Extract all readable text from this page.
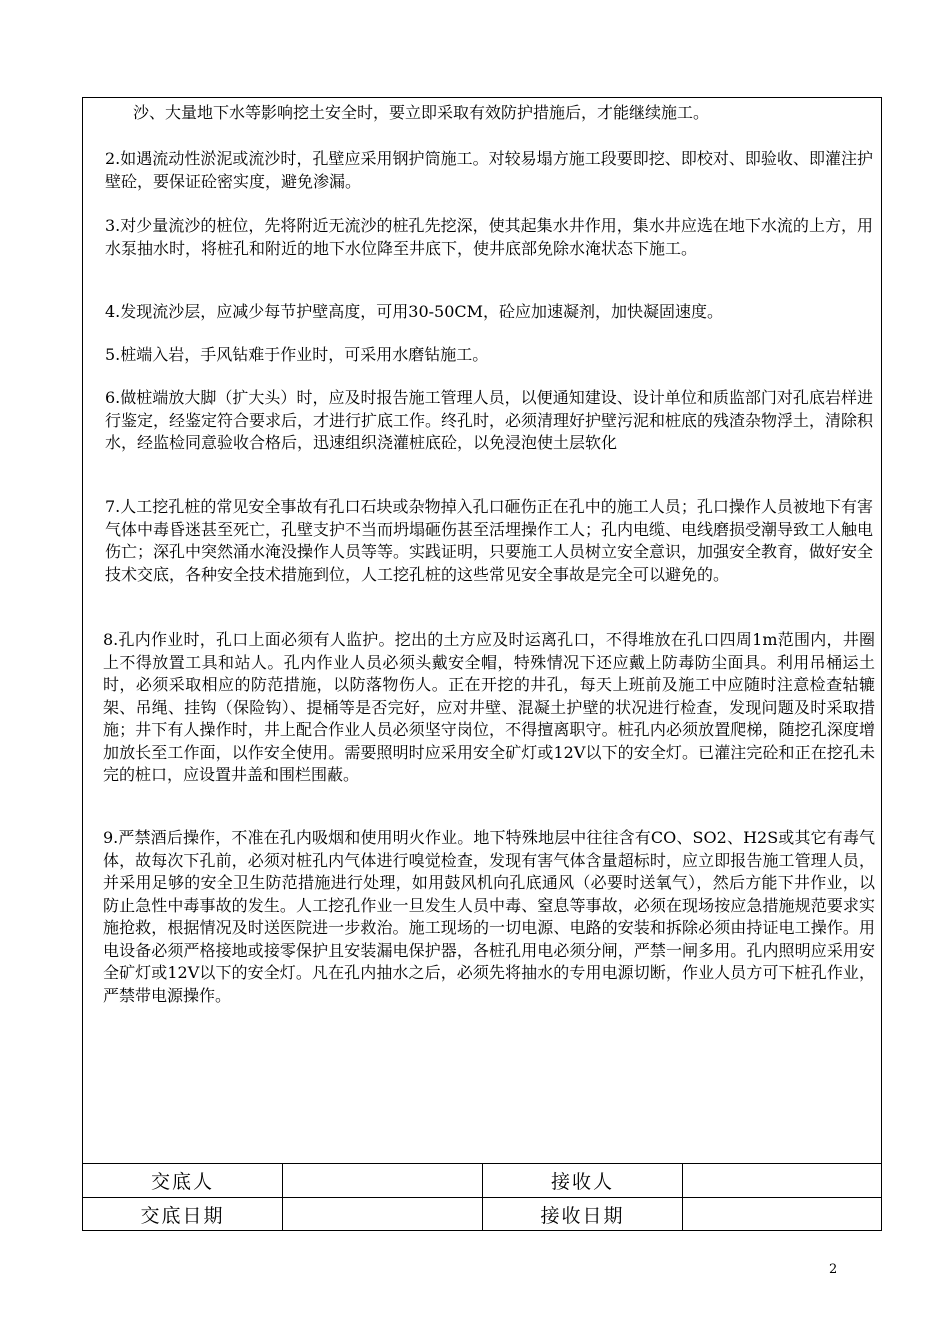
沙、大量地下水等影响挖土安全时，要立即采取有效防护措施后，才能继续施工。

2.如遇流动性淤泥或流沙时，孔壁应采用钢护筒施工。对较易塌方施工段要即挖、即校对、即验收、即灌注护壁砼，要保证砼密实度，避免渗漏。

3.对少量流沙的桩位，先将附近无流沙的桩孔先挖深，使其起集水井作用，集水井应选在地下水流的上方，用水泵抽水时，将桩孔和附近的地下水位降至井底下，使井底部免除水淹状态下施工。

4.发现流沙层，应减少每节护壁高度，可用30-50CM，砼应加速凝剂，加快凝固速度。

5.桩端入岩，手风钻难于作业时，可采用水磨钻施工。

6.做桩端放大脚（扩大头）时，应及时报告施工管理人员，以便通知建设、设计单位和质监部门对孔底岩样进行鉴定，经鉴定符合要求后，才进行扩底工作。终孔时，必须清理好护壁污泥和桩底的残渣杂物浮土，清除积水，经监检同意验收合格后，迅速组织浇灌桩底砼，以免浸泡使土层软化

7.人工挖孔桩的常见安全事故有孔口石块或杂物掉入孔口砸伤正在孔中的施工人员；孔口操作人员被地下有害气体中毒昏迷甚至死亡，孔壁支护不当而坍塌砸伤甚至活埋操作工人；孔内电缆、电线磨损受潮导致工人触电伤亡；深孔中突然涌水淹没操作人员等等。实践证明，只要施工人员树立安全意识，加强安全教育，做好安全技术交底，各种安全技术措施到位，人工挖孔桩的这些常见安全事故是完全可以避免的。

8.孔内作业时，孔口上面必须有人监护。挖出的土方应及时运离孔口，不得堆放在孔口四周1m范围内，井圈上不得放置工具和站人。孔内作业人员必须头戴安全帽，特殊情况下还应戴上防毒防尘面具。利用吊桶运土时，必须采取相应的防范措施，以防落物伤人。正在开挖的井孔，每天上班前及施工中应随时注意检查轱辘架、吊绳、挂钩（保险钩）、提桶等是否完好，应对井壁、混凝土护壁的状况进行检查，发现问题及时采取措施；井下有人操作时，井上配合作业人员必须坚守岗位，不得擅离职守。桩孔内必须放置爬梯，随挖孔深度增加放长至工作面，以作安全使用。需要照明时应采用安全矿灯或12V以下的安全灯。已灌注完砼和正在挖孔未完的桩口，应设置井盖和围栏围蔽。

9.严禁酒后操作，不准在孔内吸烟和使用明火作业。地下特殊地层中往往含有CO、SO2、H2S或其它有毒气体，故每次下孔前，必须对桩孔内气体进行嗅觉检查，发现有害气体含量超标时，应立即报告施工管理人员，并采用足够的安全卫生防范措施进行处理，如用鼓风机向孔底通风（必要时送氧气），然后方能下井作业，以防止急性中毒事故的发生。人工挖孔作业一旦发生人员中毒、窒息等事故，必须在现场按应急措施规范要求实施抢救，根据情况及时送医院进一步救治。施工现场的一切电源、电路的安装和拆除必须由持证电工操作。用电设备必须严格接地或接零保护且安装漏电保护器，各桩孔用电必须分闸，严禁一闸多用。孔内照明应采用安全矿灯或12V以下的安全灯。凡在孔内抽水之后，必须先将抽水的专用电源切断，作业人员方可下桩孔作业，严禁带电源操作。

交底人	接收人
交底日期	接收日期
2
